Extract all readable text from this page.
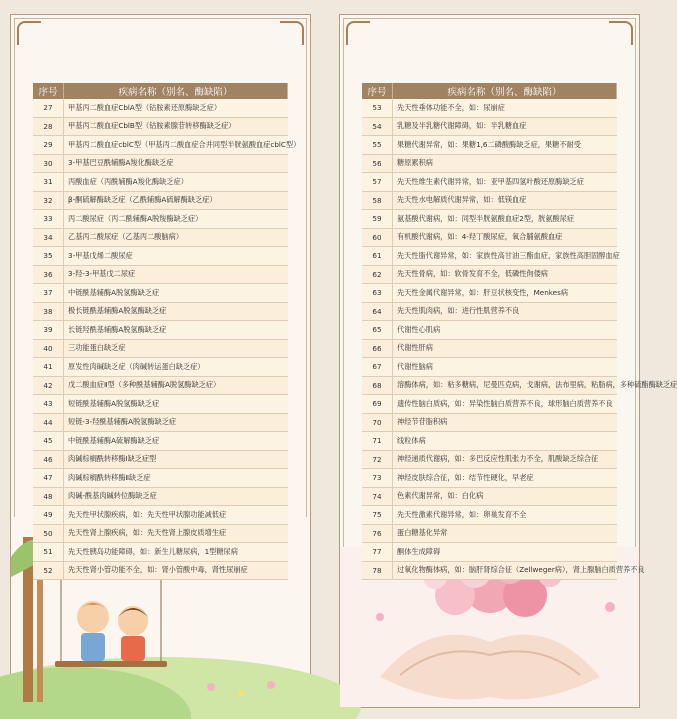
序号	疾病名称（别名、酶缺陷）
27	甲基丙二酸血症CblA型（钴胺素还原酶缺乏症）
28	甲基丙二酸血症CblB型（钴胺素腺苷转移酶缺乏症）
29	甲基丙二酸血症cblC型（甲基丙二酸血症合并同型半胱氨酸血症cblC型）
30	3-甲基巴豆酰辅酶A羧化酶缺乏症
31	丙酸血症（丙酰辅酶A羧化酶缺乏症）
32	β-酮硫解酶缺乏症（乙酰辅酶A硫解酶缺乏症）
33	丙二酸尿症（丙二酰辅酶A脱羧酶缺乏症）
34	乙基丙二酸尿症（乙基丙二酸脑病）
35	3-甲基戊烯二酸尿症
36	3-羟-3-甲基戊二尿症
37	中链酰基辅酶A脱氢酶缺乏症
38	极长链酰基辅酶A脱氢酶缺乏症
39	长链羟酰基辅酶A脱氢酶缺乏症
40	三功能蛋白缺乏症
41	原发性肉碱缺乏症（肉碱转运蛋白缺乏症）
42	戊二酸血症Ⅱ型（多种酰基辅酶A脱氢酶缺乏症）
43	短链酰基辅酶A脱氢酶缺乏症
44	短链-3-羟酰基辅酶A脱氢酶缺乏症
45	中链酰基辅酶A硫解酶缺乏症
46	肉碱棕榈酰转移酶Ⅰ缺乏症型
47	肉碱棕榈酰转移酶Ⅱ缺乏症
48	肉碱-酰基肉碱转位酶缺乏症
49	先天性甲状腺疾病，如：先天性甲状腺功能减低症
50	先天性肾上腺疾病，如：先天性肾上腺皮质增生症
51	先天性胰岛功能障碍，如：新生儿糖尿病，1型糖尿病
52	先天性肾小管功能不全，如：肾小管酸中毒，肾性尿崩症
序号	疾病名称（别名、酶缺陷）
53	先天性垂体功能不全，如：尿崩症
54	乳糖及半乳糖代谢障碍，如：半乳糖血症
55	果糖代谢异常，如：果糖1,6二磷酸酶缺乏症，果糖不耐受
56	糖原累积病
57	先天性维生素代谢异常，如：亚甲基四氢叶酸还原酶缺乏症
58	先天性水电解质代谢异常，如：低镁血症
59	氨基酸代谢病，如：同型半胱氨酸血症2型，胱氨酸尿症
60	有机酸代谢病，如：4-羟丁酸尿症，氧合脯氨酸血症
61	先天性脂代谢异常，如：家族性高甘油三酯血症，家族性高胆固醇血症
62	先天性骨病，如：软骨发育不全，低磷性佝偻病
63	先天性金属代谢异常，如：肝豆状核变性，Menkes病
64	先天性肌肉病，如：进行性肌营养不良
65	代谢性心肌病
66	代谢性肝病
67	代谢性脑病
68	溶酶体病，如：粘多糖病，尼曼匹克病，戈谢病，法布里病，粘脂病，多种硫酯酶缺乏症
69	遗传性脑白质病，如：异染性脑白质营养不良，球形脑白质营养不良
70	神经节苷脂积病
71	线粒体病
72	神经递质代谢病，如：多巴反应性肌张力不全，肌酸缺乏综合征
73	神经皮肤综合征，如：结节性硬化，早老症
74	色素代谢异常，如：白化病
75	先天性激素代谢异常，如：卵巢发育不全
76	蛋白糖基化异常
77	酮体生成障碍
78	过氧化物酶体病，如：脑肝肾综合征（Zellweger病），肾上腺脑白质营养不良
